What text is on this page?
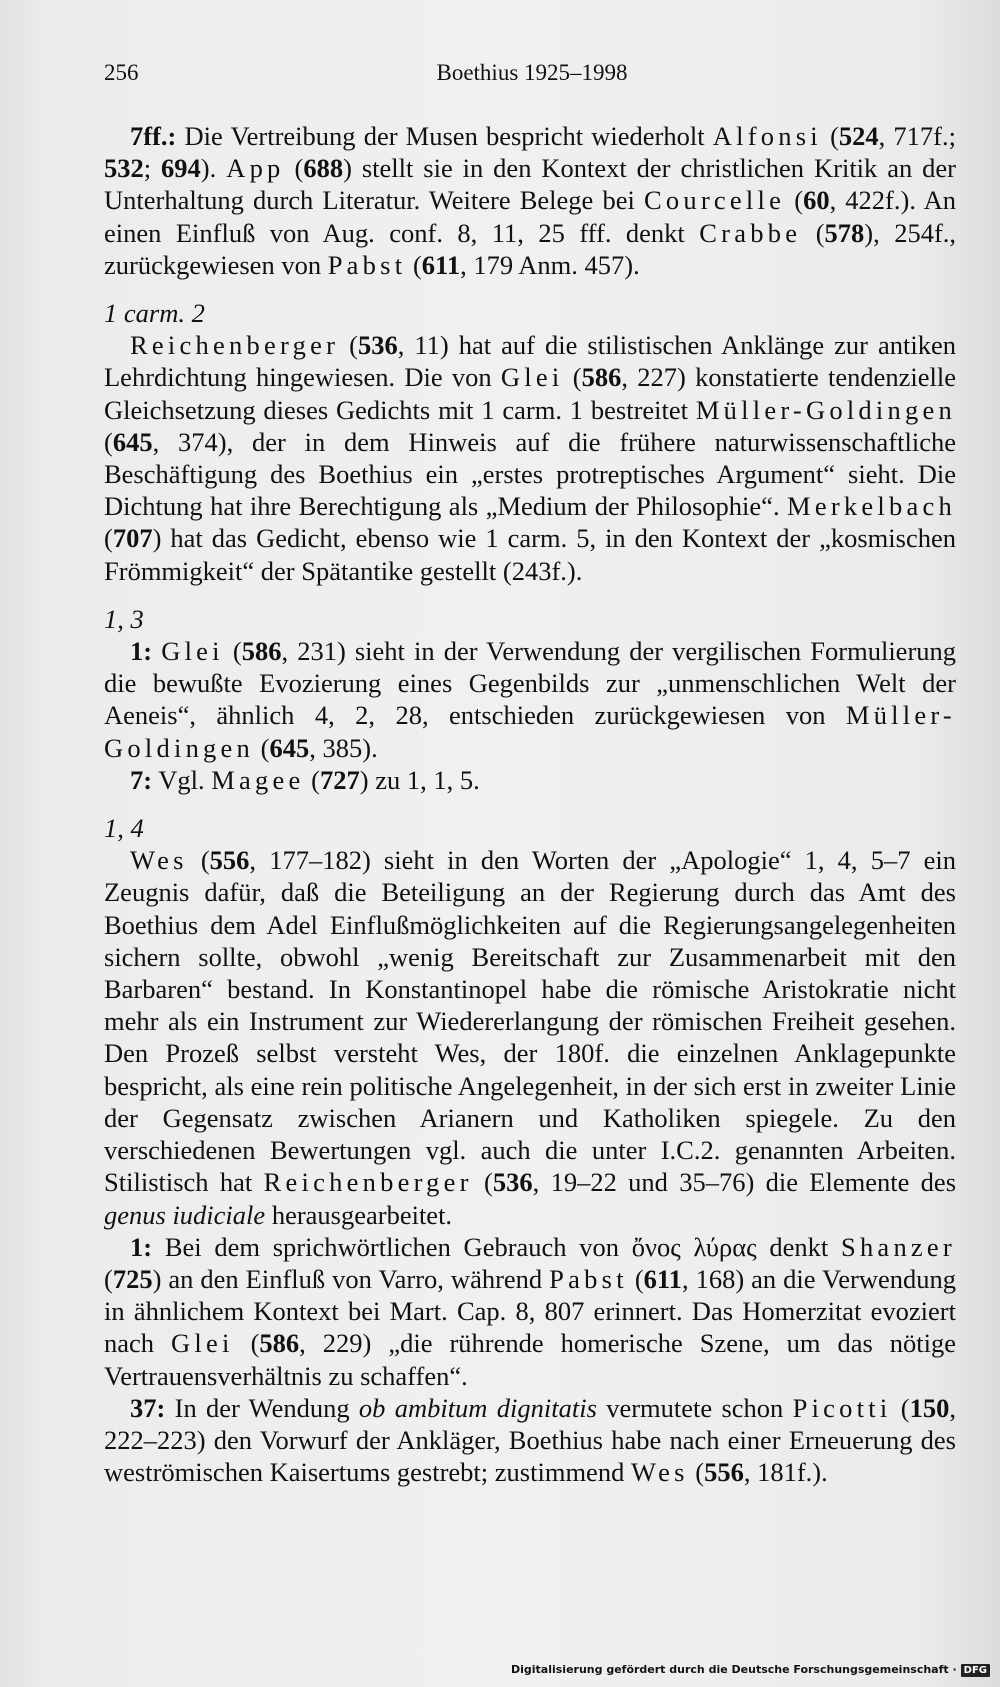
256	Boethius 1925–1998

7ff.: Die Vertreibung der Musen bespricht wiederholt Alfonsi (524, 717f.; 532; 694). App (688) stellt sie in den Kontext der christlichen Kritik an der Unterhaltung durch Literatur. Weitere Belege bei Courcelle (60, 422f.). An einen Einfluß von Aug. conf. 8, 11, 25 fff. denkt Crabbe (578), 254f., zurückgewiesen von Pabst (611, 179 Anm. 457).

1 carm. 2

Reichenberger (536, 11) hat auf die stilistischen Anklänge zur antiken Lehrdichtung hingewiesen. Die von Glei (586, 227) konstatierte tendenzielle Gleichsetzung dieses Gedichts mit 1 carm. 1 bestreitet Müller-Goldingen (645, 374), der in dem Hinweis auf die frühere naturwissenschaftliche Beschäftigung des Boethius ein „erstes protreptisches Argument“ sieht. Die Dichtung hat ihre Berechtigung als „Medium der Philosophie“. Merkelbach (707) hat das Gedicht, ebenso wie 1 carm. 5, in den Kontext der „kosmischen Frömmigkeit“ der Spätantike gestellt (243f.).

1, 3

1: Glei (586, 231) sieht in der Verwendung der vergilischen Formulierung die bewußte Evozierung eines Gegenbilds zur „unmenschlichen Welt der Aeneis“, ähnlich 4, 2, 28, entschieden zurückgewiesen von Müller-Goldingen (645, 385).

7: Vgl. Magee (727) zu 1, 1, 5.

1, 4

Wes (556, 177–182) sieht in den Worten der „Apologie“ 1, 4, 5–7 ein Zeugnis dafür, daß die Beteiligung an der Regierung durch das Amt des Boethius dem Adel Einflußmöglichkeiten auf die Regierungsangelegenheiten sichern sollte, obwohl „wenig Bereitschaft zur Zusammenarbeit mit den Barbaren“ bestand. In Konstantinopel habe die römische Aristokratie nicht mehr als ein Instrument zur Wiedererlangung der römischen Freiheit gesehen. Den Prozeß selbst versteht Wes, der 180f. die einzelnen Anklagepunkte bespricht, als eine rein politische Angelegenheit, in der sich erst in zweiter Linie der Gegensatz zwischen Arianern und Katholiken spiegele. Zu den verschiedenen Bewertungen vgl. auch die unter I.C.2. genannten Arbeiten. Stilistisch hat Reichenberger (536, 19–22 und 35–76) die Elemente des genus iudiciale herausgearbeitet.

1: Bei dem sprichwörtlichen Gebrauch von ὄνος λύρας denkt Shanzer (725) an den Einfluß von Varro, während Pabst (611, 168) an die Verwendung in ähnlichem Kontext bei Mart. Cap. 8, 807 erinnert. Das Homerzitat evoziert nach Glei (586, 229) „die rührende homerische Szene, um das nötige Vertrauensverhältnis zu schaffen“.

37: In der Wendung ob ambitum dignitatis vermutete schon Picotti (150, 222–223) den Vorwurf der Ankläger, Boethius habe nach einer Erneuerung des weströmischen Kaisertums gestrebt; zustimmend Wes (556, 181f.).

Digitalisierung gefördert durch die Deutsche Forschungsgemeinschaft · DFG
